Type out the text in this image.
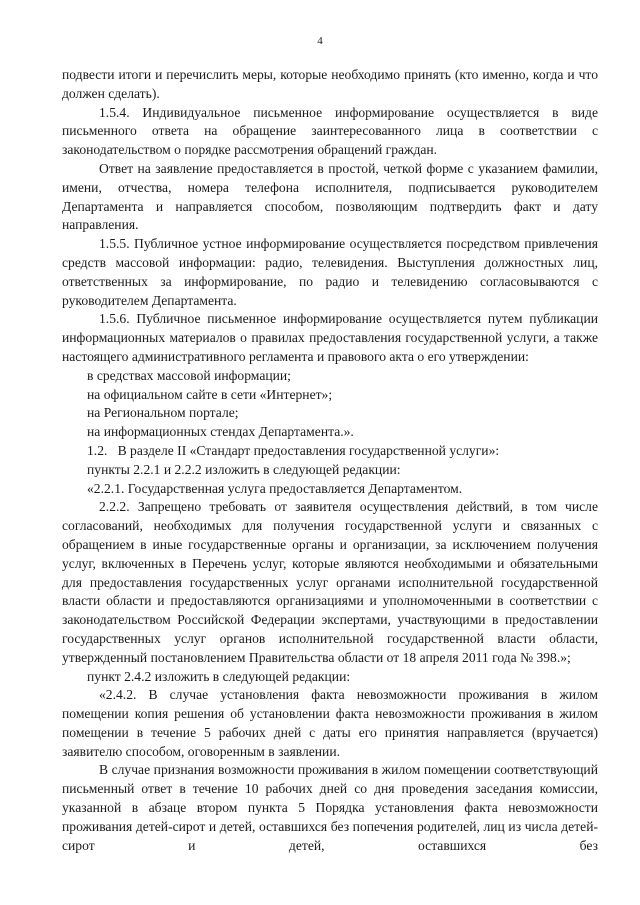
4

подвести итоги и перечислить меры, которые необходимо принять (кто именно, когда и что должен сделать).

1.5.4. Индивидуальное письменное информирование осуществляется в виде письменного ответа на обращение заинтересованного лица в соответствии с законодательством о порядке рассмотрения обращений граждан.

Ответ на заявление предоставляется в простой, четкой форме с указанием фамилии, имени, отчества, номера телефона исполнителя, подписывается руководителем Департамента и направляется способом, позволяющим подтвердить факт и дату направления.

1.5.5. Публичное устное информирование осуществляется посредством привлечения средств массовой информации: радио, телевидения. Выступления должностных лиц, ответственных за информирование, по радио и телевидению согласовываются с руководителем Департамента.

1.5.6. Публичное письменное информирование осуществляется путем публикации информационных материалов о правилах предоставления государственной услуги, а также настоящего административного регламента и правового акта о его утверждении:

в средствах массовой информации;

на официальном сайте в сети «Интернет»;

на Региональном портале;

на информационных стендах Департамента.».

1.2.   В разделе II «Стандарт предоставления государственной услуги»:

пункты 2.2.1 и 2.2.2 изложить в следующей редакции:

«2.2.1. Государственная услуга предоставляется Департаментом.

2.2.2. Запрещено требовать от заявителя осуществления действий, в том числе согласований, необходимых для получения государственной услуги и связанных с обращением в иные государственные органы и организации, за исключением получения услуг, включенных в Перечень услуг, которые являются необходимыми и обязательными для предоставления государственных услуг органами исполнительной государственной власти области и предоставляются организациями и уполномоченными в соответствии с законодательством Российской Федерации экспертами, участвующими в предоставлении государственных услуг органов исполнительной государственной власти области, утвержденный постановлением Правительства области от 18 апреля 2011 года № 398.»;

пункт 2.4.2 изложить в следующей редакции:

«2.4.2. В случае установления факта невозможности проживания в жилом помещении копия решения об установлении факта невозможности проживания в жилом помещении в течение 5 рабочих дней с даты его принятия направляется (вручается) заявителю способом, оговоренным в заявлении.

В случае признания возможности проживания в жилом помещении соответствующий письменный ответ в течение 10 рабочих дней со дня проведения заседания комиссии, указанной в абзаце втором пункта 5 Порядка установления факта невозможности проживания детей-сирот и детей, оставшихся без попечения родителей, лиц из числа детей-сирот и детей, оставшихся без
